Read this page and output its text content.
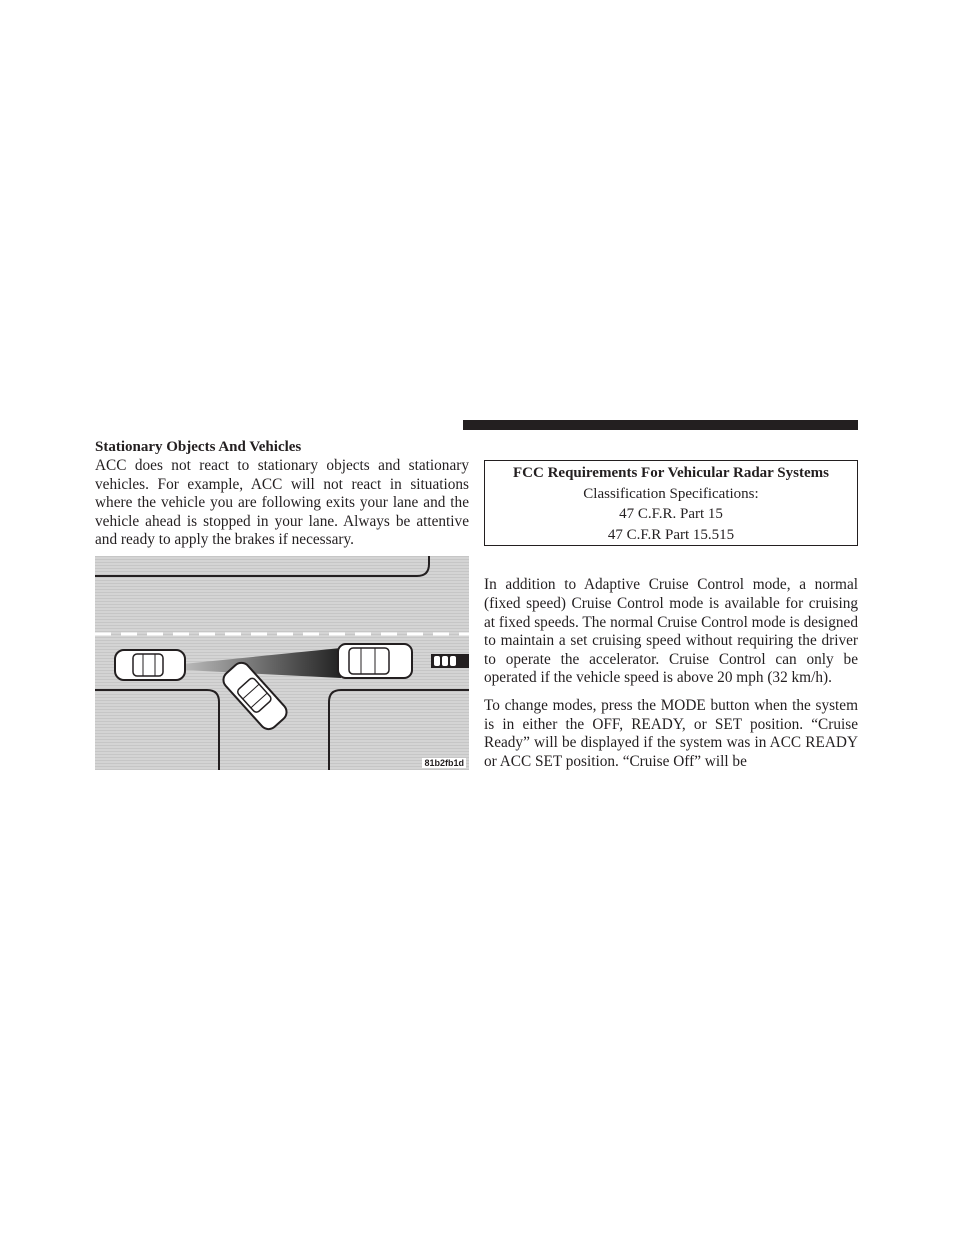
Stationary Objects And Vehicles

ACC does not react to stationary objects and stationary vehicles. For example, ACC will not react in situations where the vehicle you are following exits your lane and the vehicle ahead is stopped in your lane. Always be attentive and ready to apply the brakes if necessary.

81b2fb1d
FCC Requirements For Vehicular Radar Systems
Classification Specifications:
47 C.F.R. Part 15
47 C.F.R Part 15.515

In addition to Adaptive Cruise Control mode, a normal (fixed speed) Cruise Control mode is available for cruising at fixed speeds. The normal Cruise Control mode is designed to maintain a set cruising speed without requiring the driver to operate the accelerator. Cruise Control can only be operated if the vehicle speed is above 20 mph (32 km/h).

To change modes, press the MODE button when the system is in either the OFF, READY, or SET position. “Cruise Ready” will be displayed if the system was in ACC READY or ACC SET position. “Cruise Off” will be
